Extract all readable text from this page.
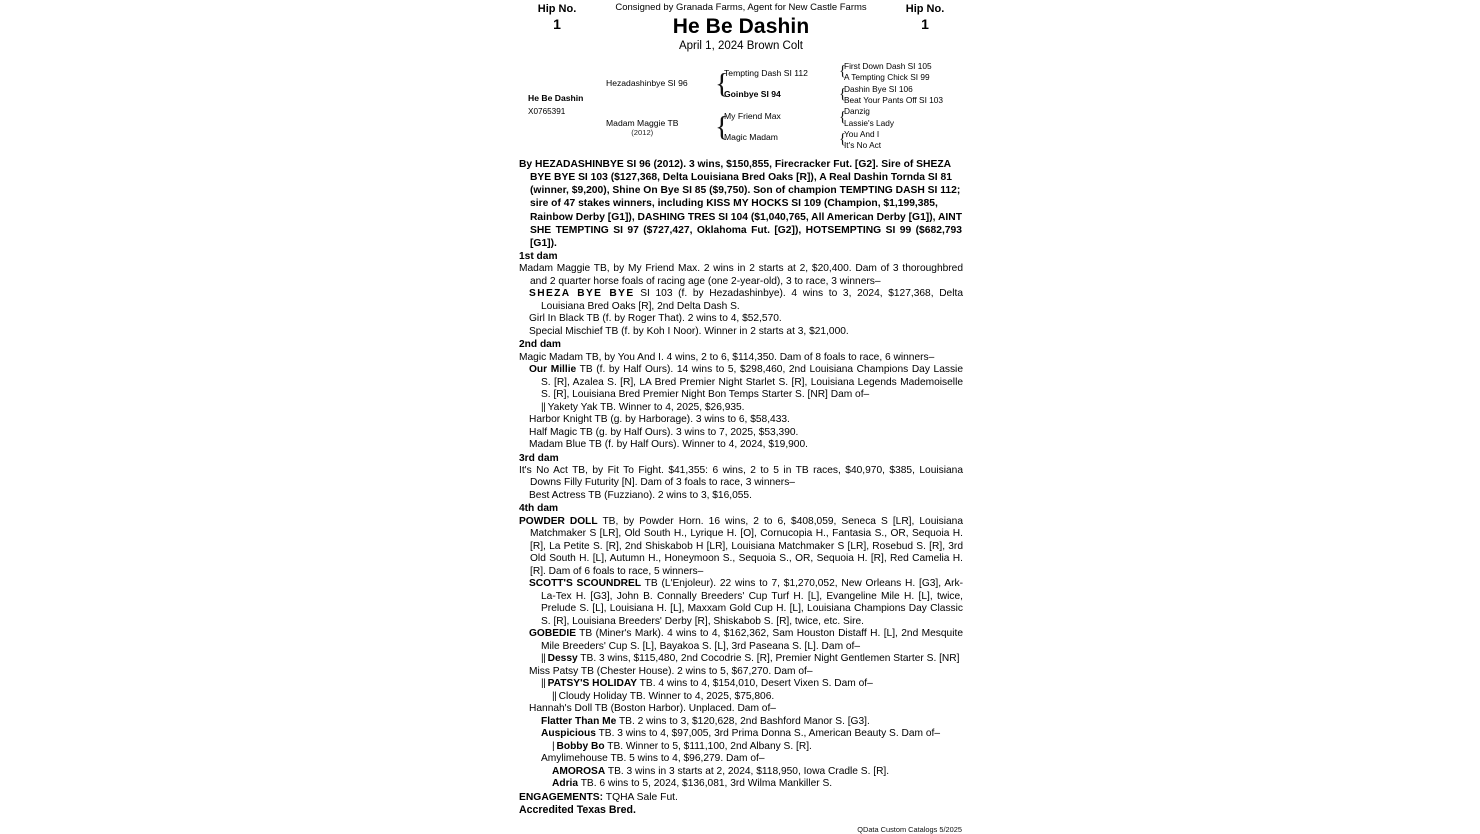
Hip No.
1
Hip No.
1
Consigned by Granada Farms, Agent for New Castle Farms
He Be Dashin
April 1, 2024 Brown Colt
{
{
{
{
{
{
He Be Dashin
X0765391
Hezadashinbye SI 96
Madam Maggie TB
(2012)
Tempting Dash SI 112
Goinbye SI 94
My Friend Max
Magic Madam
First Down Dash SI 105
A Tempting Chick SI 99
Dashin Bye SI 106
Beat Your Pants Off SI 103
Danzig
Lassie's Lady
You And I
It's No Act
By HEZADASHINBYE SI 96 (2012). 3 wins, $150,855, Firecracker Fut. [G2]. Sire of SHEZA
BYE BYE SI 103 ($127,368, Delta Louisiana Bred Oaks [R]), A Real Dashin Tornda SI 81
(winner, $9,200), Shine On Bye SI 85 ($9,750). Son of champion TEMPTING DASH SI 112;
sire of 47 stakes winners, including KISS MY HOCKS SI 109 (Champion, $1,199,385,
Rainbow Derby [G1]), DASHING TRES SI 104 ($1,040,765, All American Derby [G1]), AINT
SHE TEMPTING SI 97 ($727,427, Oklahoma Fut. [G2]), HOTSEMPTING SI 99 ($682,793 [G1]).
1st dam

Madam Maggie TB, by My Friend Max. 2 wins in 2 starts at 2, $20,400. Dam of 3 thoroughbred and 2 quarter horse foals of racing age (one 2-year-old), 3 to race, 3 winners–

SHEZA BYE BYE SI 103 (f. by Hezadashinbye). 4 wins to 3, 2024, $127,368, Delta Louisiana Bred Oaks [R], 2nd Delta Dash S.

Girl In Black TB (f. by Roger That). 2 wins to 4, $52,570.

Special Mischief TB (f. by Koh I Noor). Winner in 2 starts at 3, $21,000.

2nd dam

Magic Madam TB, by You And I. 4 wins, 2 to 6, $114,350. Dam of 8 foals to race, 6 winners–

Our Millie TB (f. by Half Ours). 14 wins to 5, $298,460, 2nd Louisiana Champions Day Lassie S. [R], Azalea S. [R], LA Bred Premier Night Starlet S. [R], Louisiana Legends Mademoiselle S. [R], Louisiana Bred Premier Night Bon Temps Starter S. [NR] Dam of–

|| Yakety Yak TB. Winner to 4, 2025, $26,935.

Harbor Knight TB (g. by Harborage). 3 wins to 6, $58,433.

Half Magic TB (g. by Half Ours). 3 wins to 7, 2025, $53,390.

Madam Blue TB (f. by Half Ours). Winner to 4, 2024, $19,900.

3rd dam

It's No Act TB, by Fit To Fight. $41,355: 6 wins, 2 to 5 in TB races, $40,970, $385, Louisiana Downs Filly Futurity [N]. Dam of 3 foals to race, 3 winners–

Best Actress TB (Fuzziano). 2 wins to 3, $16,055.

4th dam

POWDER DOLL TB, by Powder Horn. 16 wins, 2 to 6, $408,059, Seneca S [LR], Louisiana Matchmaker S [LR], Old South H., Lyrique H. [O], Cornucopia H., Fantasia S., OR, Sequoia H. [R], La Petite S. [R], 2nd Shiskabob H [LR], Louisiana Matchmaker S [LR], Rosebud S. [R], 3rd Old South H. [L], Autumn H., Honeymoon S., Sequoia S., OR, Sequoia H. [R], Red Camelia H. [R]. Dam of 6 foals to race, 5 winners–

SCOTT'S SCOUNDREL TB (L'Enjoleur). 22 wins to 7, $1,270,052, New Orleans H. [G3], Ark-La-Tex H. [G3], John B. Connally Breeders' Cup Turf H. [L], Evangeline Mile H. [L], twice, Prelude S. [L], Louisiana H. [L], Maxxam Gold Cup H. [L], Louisiana Champions Day Classic S. [R], Louisiana Breeders' Derby [R], Shiskabob S. [R], twice, etc. Sire.

GOBEDIE TB (Miner's Mark). 4 wins to 4, $162,362, Sam Houston Distaff H. [L], 2nd Mesquite Mile Breeders' Cup S. [L], Bayakoa S. [L], 3rd Paseana S. [L]. Dam of–

|| Dessy TB. 3 wins, $115,480, 2nd Cocodrie S. [R], Premier Night Gentlemen Starter S. [NR]

Miss Patsy TB (Chester House). 2 wins to 5, $67,270. Dam of–

|| PATSY'S HOLIDAY TB. 4 wins to 4, $154,010, Desert Vixen S. Dam of–

|| Cloudy Holiday TB. Winner to 4, 2025, $75,806.

Hannah's Doll TB (Boston Harbor). Unplaced. Dam of–

Flatter Than Me TB. 2 wins to 3, $120,628, 2nd Bashford Manor S. [G3].

Auspicious TB. 3 wins to 4, $97,005, 3rd Prima Donna S., American Beauty S. Dam of–

| Bobby Bo TB. Winner to 5, $111,100, 2nd Albany S. [R].

Amylimehouse TB. 5 wins to 4, $96,279. Dam of–

AMOROSA TB. 3 wins in 3 starts at 2, 2024, $118,950, Iowa Cradle S. [R].

Adria TB. 6 wins to 5, 2024, $136,081, 3rd Wilma Mankiller S.

ENGAGEMENTS: TQHA Sale Fut.
Accredited Texas Bred.
QData Custom Catalogs 5/2025
